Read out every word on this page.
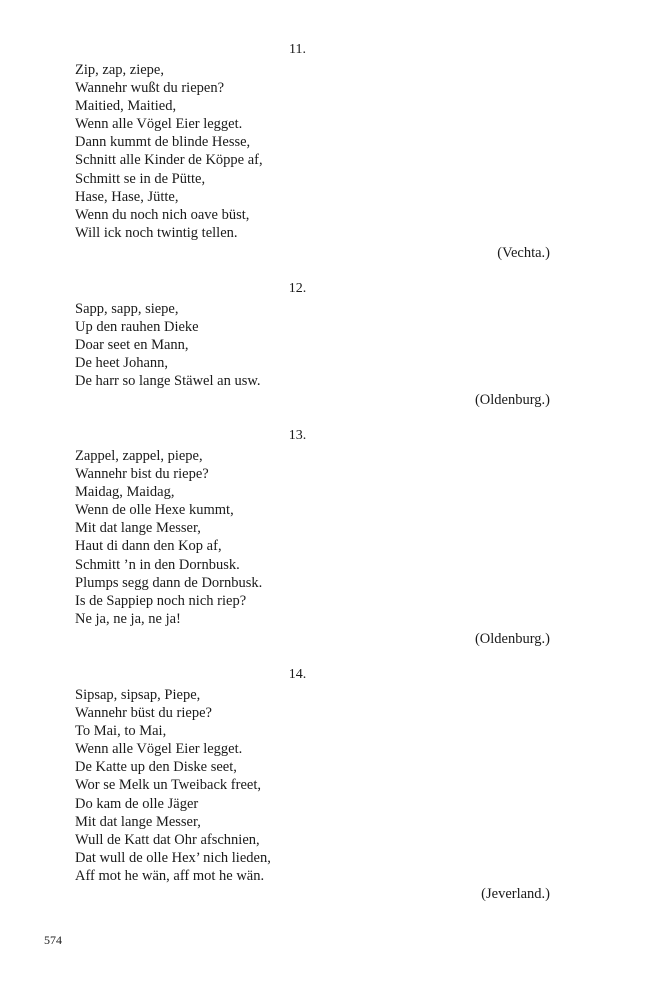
11.
Zip, zap, ziepe,
Wannehr wußt du riepen?
Maitied, Maitied,
Wenn alle Vögel Eier legget.
Dann kummt de blinde Hesse,
Schnitt alle Kinder de Köppe af,
Schmitt se in de Pütte,
Hase, Hase, Jütte,
Wenn du noch nich oave büst,
Will ick noch twintig tellen.
(Vechta.)
12.
Sapp, sapp, siepe,
Up den rauhen Dieke
Doar seet en Mann,
De heet Johann,
De harr so lange Stäwel an usw.
(Oldenburg.)
13.
Zappel, zappel, piepe,
Wannehr bist du riepe?
Maidag, Maidag,
Wenn de olle Hexe kummt,
Mit dat lange Messer,
Haut di dann den Kop af,
Schmitt ’n in den Dornbusk.
Plumps segg dann de Dornbusk.
Is de Sappiep noch nich riep?
Ne ja, ne ja, ne ja!
(Oldenburg.)
14.
Sipsap, sipsap, Piepe,
Wannehr büst du riepe?
To Mai, to Mai,
Wenn alle Vögel Eier legget.
De Katte up den Diske seet,
Wor se Melk un Tweiback freet,
Do kam de olle Jäger
Mit dat lange Messer,
Wull de Katt dat Ohr afschnien,
Dat wull de olle Hex’ nich lieden,
Aff mot he wän, aff mot he wän.
(Jeverland.)
574
